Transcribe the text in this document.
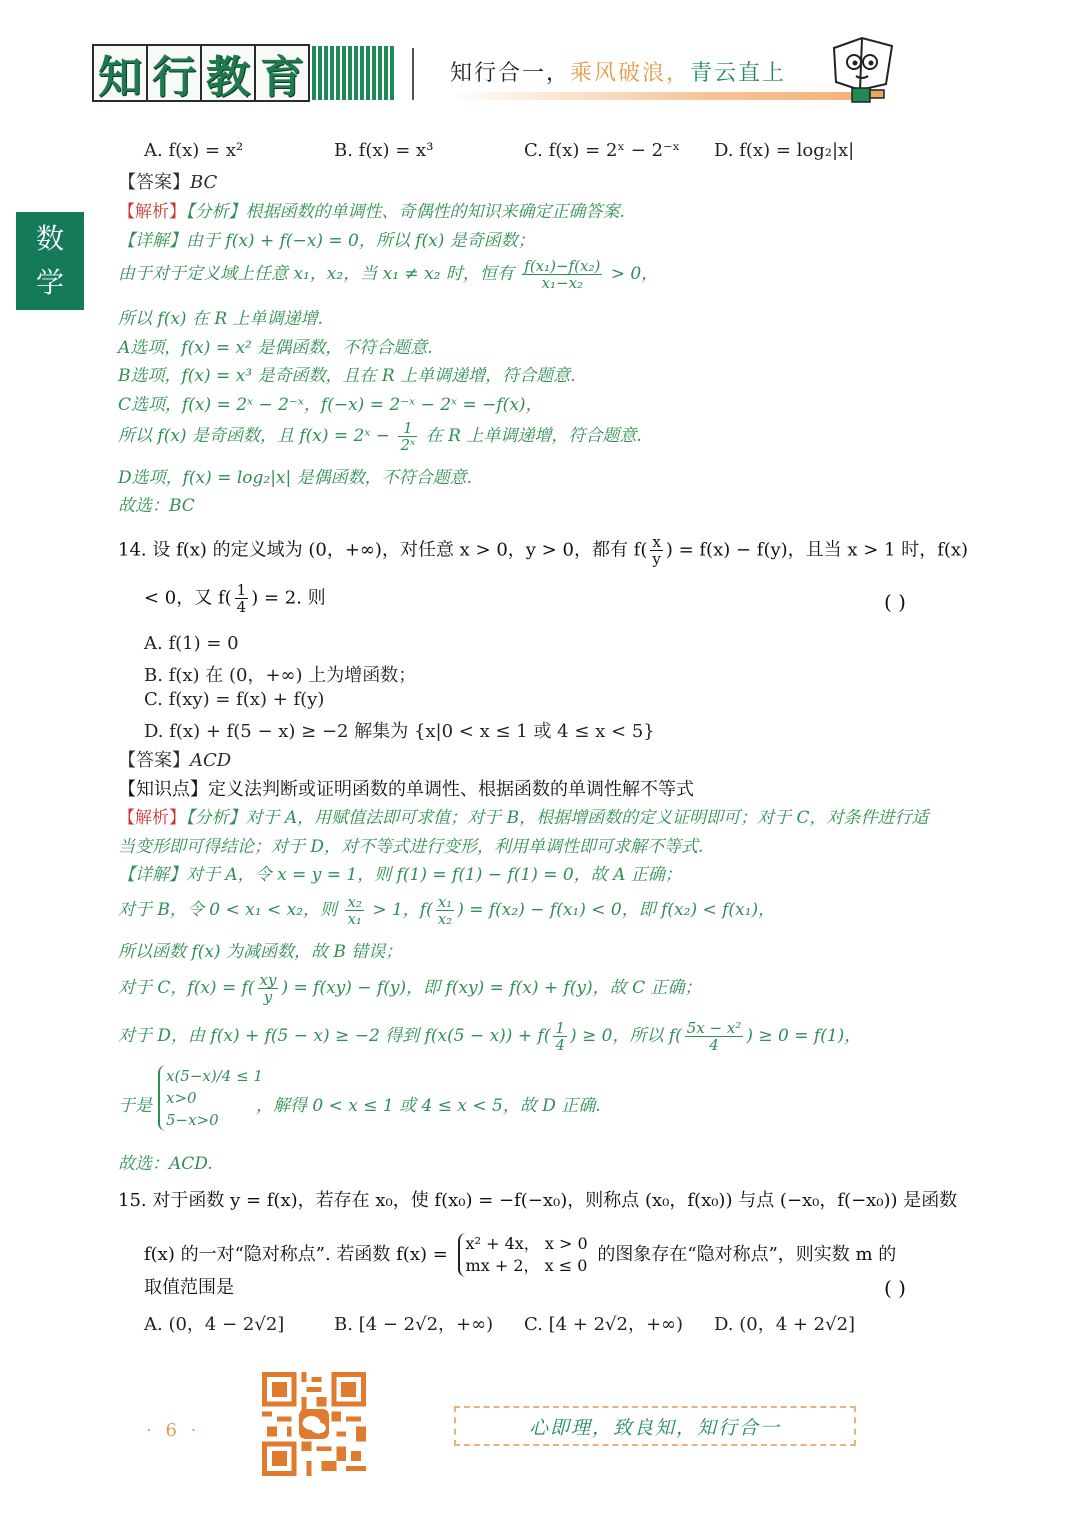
知 行 教 育	知行合一，乘风破浪，青云直上
数
学
A. f(x) = x²	B. f(x) = x³	C. f(x) = 2ˣ − 2⁻ˣ D. f(x) = log₂|x|
【答案】BC
【解析】【分析】根据函数的单调性、奇偶性的知识来确定正确答案.
【详解】由于 f(x) + f(−x) = 0，所以 f(x) 是奇函数；
由于对于定义域上任意 x₁，x₂，当 x₁ ≠ x₂ 时，恒有 $\frac{\text{f(x₁)−f(x₂)}}{\text{x₁−x₂}} > 0$，
所以 f(x) 在 R 上单调递增.
A选项，f(x) = x² 是偶函数，不符合题意.
B选项，f(x) = x³ 是奇函数，且在 R 上单调递增，符合题意.
C选项，f(x) = 2ˣ − 2⁻ˣ，f(−x) = 2⁻ˣ − 2ˣ = −f(x)，
所以 f(x) 是奇函数，且 f(x) = 2ˣ − $\frac{1}{\text{2ˣ}}$ 在 R 上单调递增，符合题意.
D选项，f(x) = log₂|x| 是偶函数，不符合题意.
故选：BC
14. 设 f(x) 的定义域为 (0，+∞)，对任意 x > 0，y > 0，都有 $f( \frac{x}{y}$ ) = f(x) − f(y)，且当 x > 1 时，f(x)
< 0，又 $f( \frac{1}{4}$ ) = 2. 则	( )
A. f(1) = 0
B. f(x) 在 (0，+∞) 上为增函数；
C. f(xy) = f(x) + f(y)
D. f(x) + f(5 − x) ≥ −2 解集为 {x|0 < x ≤ 1 或 4 ≤ x < 5}
【答案】ACD
【知识点】定义法判断或证明函数的单调性、根据函数的单调性解不等式
【解析】【分析】对于 A，用赋值法即可求值；对于 B，根据增函数的定义证明即可；对于 C，对条件进行适
当变形即可得结论；对于 D，对不等式进行变形，利用单调性即可求解不等式.
【详解】对于 A，令 x = y = 1，则 f(1) = f(1) − f(1) = 0，故 A 正确；
对于 B，令 0 < x₁ < x₂，则 $\frac{\text{x₂}}{\text{x₁}} > 1$，$f( \frac{\text{x₁}}{\text{x₂}}$ ) = f(x₂) − f(x₁) < 0，即 f(x₂) < f(x₁)，
所以函数 f(x) 为减函数，故 B 错误；
对于 C，$f(x) = f( \frac{xy}{y}$ ) = f(xy) − f(y)，即 f(xy) = f(x) + f(y)，故 C 正确；
对于 D，由 f(x) + f(5 − x) ≥ −2 得到 $f(x(5 - x)) + f( \frac{1}{4}$ ) ≥ 0，所以 $f( \frac{\text{5x − x²}}{4}$ ) ≥ 0 = f(1)，
于是
x(5−x)/4 ≤ 1
x>0
5−x>0
，解得 0 < x ≤ 1 或 4 ≤ x < 5，故 D 正确.
故选：ACD.
15. 对于函数 y = f(x)，若存在 x₀，使 f(x₀) = −f(−x₀)，则称点 (x₀，f(x₀)) 与点 (−x₀，f(−x₀)) 是函数
f(x) 的一对“隐对称点”. 若函数 f(x) =
x² + 4x， x > 0
mx + 2， x ≤ 0
的图象存在“隐对称点”，则实数 m 的
取值范围是	( )
A. (0，4 − 2√2]	B. [4 − 2√2，+∞) C. [4 + 2√2，+∞) D. (0，4 + 2√2]
· 6 ·	心即理，致良知，知行合一
